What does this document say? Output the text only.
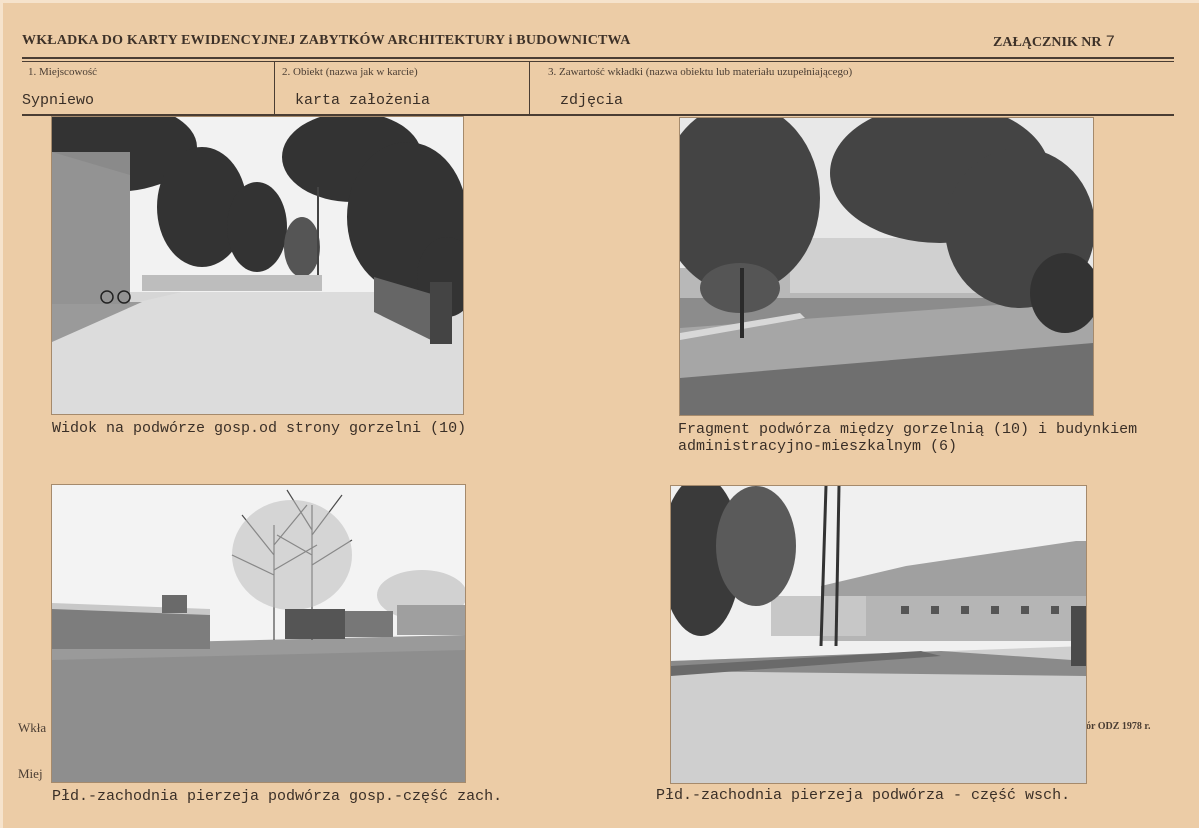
Wkła
Miej
ór ODZ 1978 r.
WKŁADKA DO KARTY EWIDENCYJNEJ ZABYTKÓW ARCHITEKTURY i BUDOWNICTWA	ZAŁĄCZNIK NR 7
1. Miejscowość
Sypniewo
2. Obiekt (nazwa jak w karcie)
karta założenia
3. Zawartość wkładki (nazwa obiektu lub materiału uzupełniającego)
zdjęcia
Widok na podwórze gosp.od strony gorzelni (10)	Fragment podwórza między gorzelnią (10) i budynkiem
administracyjno-mieszkalnym (6)
Płd.-zachodnia pierzeja podwórza gosp.-część zach.	Płd.-zachodnia pierzeja podwórza - część wsch.
